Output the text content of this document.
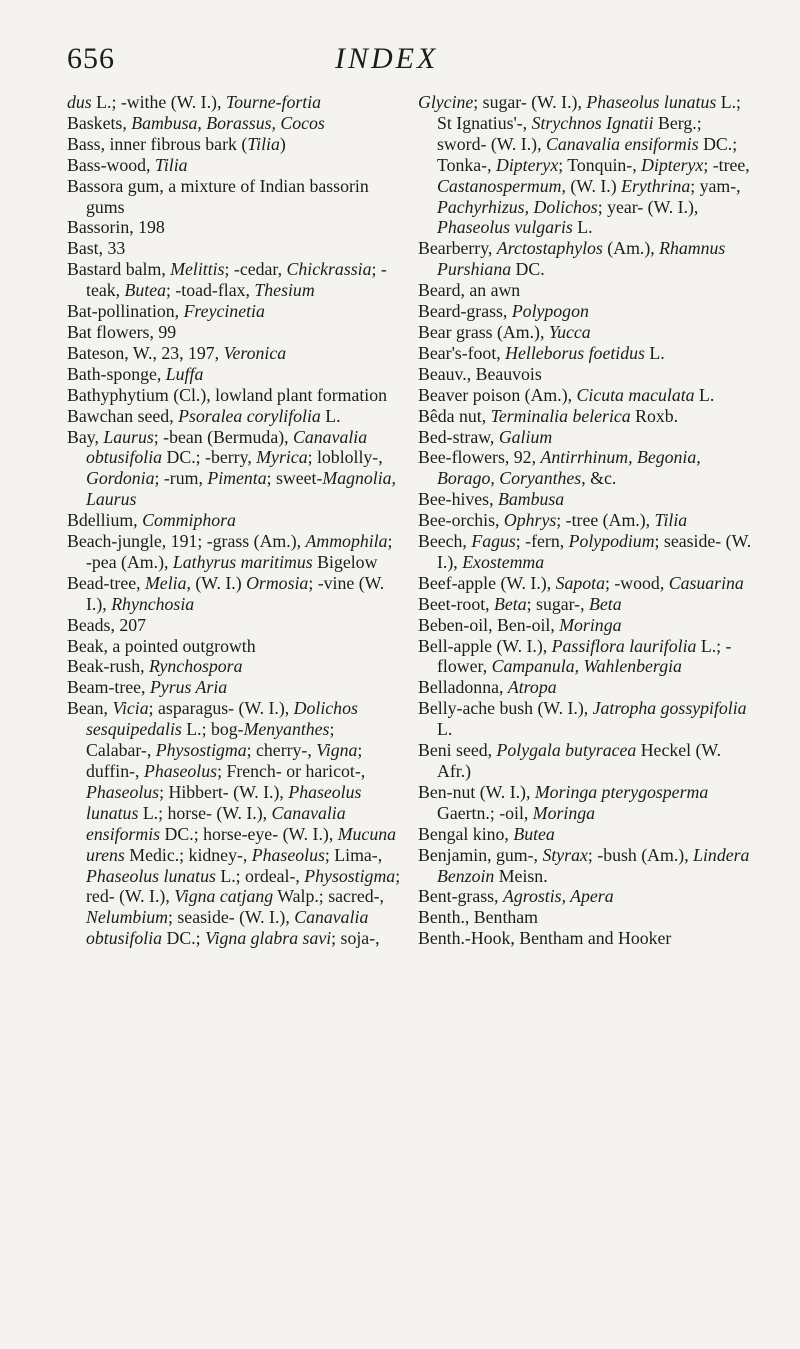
656	INDEX

dus L.; -withe (W. I.), Tourne-fortia

Baskets, Bambusa, Borassus, Cocos

Bass, inner fibrous bark (Tilia)

Bass-wood, Tilia

Bassora gum, a mixture of Indian bassorin gums

Bassorin, 198

Bast, 33

Bastard balm, Melittis; -cedar, Chickrassia; -teak, Butea; -toad-flax, Thesium

Bat-pollination, Freycinetia

Bat flowers, 99

Bateson, W., 23, 197, Veronica

Bath-sponge, Luffa

Bathyphytium (Cl.), lowland plant formation

Bawchan seed, Psoralea corylifolia L.

Bay, Laurus; -bean (Bermuda), Canavalia obtusifolia DC.; -berry, Myrica; loblolly-, Gordonia; -rum, Pimenta; sweet-Magnolia, Laurus

Bdellium, Commiphora

Beach-jungle, 191; -grass (Am.), Ammophila; -pea (Am.), Lathyrus maritimus Bigelow

Bead-tree, Melia, (W. I.) Ormosia; -vine (W. I.), Rhynchosia

Beads, 207

Beak, a pointed outgrowth

Beak-rush, Rynchospora

Beam-tree, Pyrus Aria

Bean, Vicia; asparagus- (W. I.), Dolichos sesquipedalis L.; bog-Menyanthes; Calabar-, Physostigma; cherry-, Vigna; duffin-, Phaseolus; French- or haricot-, Phaseolus; Hibbert- (W. I.), Phaseolus lunatus L.; horse- (W. I.), Canavalia ensiformis DC.; horse-eye- (W. I.), Mucuna urens Medic.; kidney-, Phaseolus; Lima-, Phaseolus lunatus L.; ordeal-, Physostigma; red- (W. I.), Vigna catjang Walp.; sacred-, Nelumbium; seaside- (W. I.), Canavalia obtusifolia DC.; Vigna glabra savi; soja-,

Glycine; sugar- (W. I.), Phaseolus lunatus L.; St Ignatius'-, Strychnos Ignatii Berg.; sword- (W. I.), Canavalia ensiformis DC.; Tonka-, Dipteryx; Tonquin-, Dipteryx; -tree, Castanospermum, (W. I.) Erythrina; yam-, Pachyrhizus, Dolichos; year- (W. I.), Phaseolus vulgaris L.

Bearberry, Arctostaphylos (Am.), Rhamnus Purshiana DC.

Beard, an awn

Beard-grass, Polypogon

Bear grass (Am.), Yucca

Bear's-foot, Helleborus foetidus L.

Beauv., Beauvois

Beaver poison (Am.), Cicuta maculata L.

Bêda nut, Terminalia belerica Roxb.

Bed-straw, Galium

Bee-flowers, 92, Antirrhinum, Begonia, Borago, Coryanthes, &c.

Bee-hives, Bambusa

Bee-orchis, Ophrys; -tree (Am.), Tilia

Beech, Fagus; -fern, Polypodium; seaside- (W. I.), Exostemma

Beef-apple (W. I.), Sapota; -wood, Casuarina

Beet-root, Beta; sugar-, Beta

Beben-oil, Ben-oil, Moringa

Bell-apple (W. I.), Passiflora laurifolia L.; -flower, Campanula, Wahlenbergia

Belladonna, Atropa

Belly-ache bush (W. I.), Jatropha gossypifolia L.

Beni seed, Polygala butyracea Heckel (W. Afr.)

Ben-nut (W. I.), Moringa pterygosperma Gaertn.; -oil, Moringa

Bengal kino, Butea

Benjamin, gum-, Styrax; -bush (Am.), Lindera Benzoin Meisn.

Bent-grass, Agrostis, Apera

Benth., Bentham

Benth.-Hook, Bentham and Hooker
